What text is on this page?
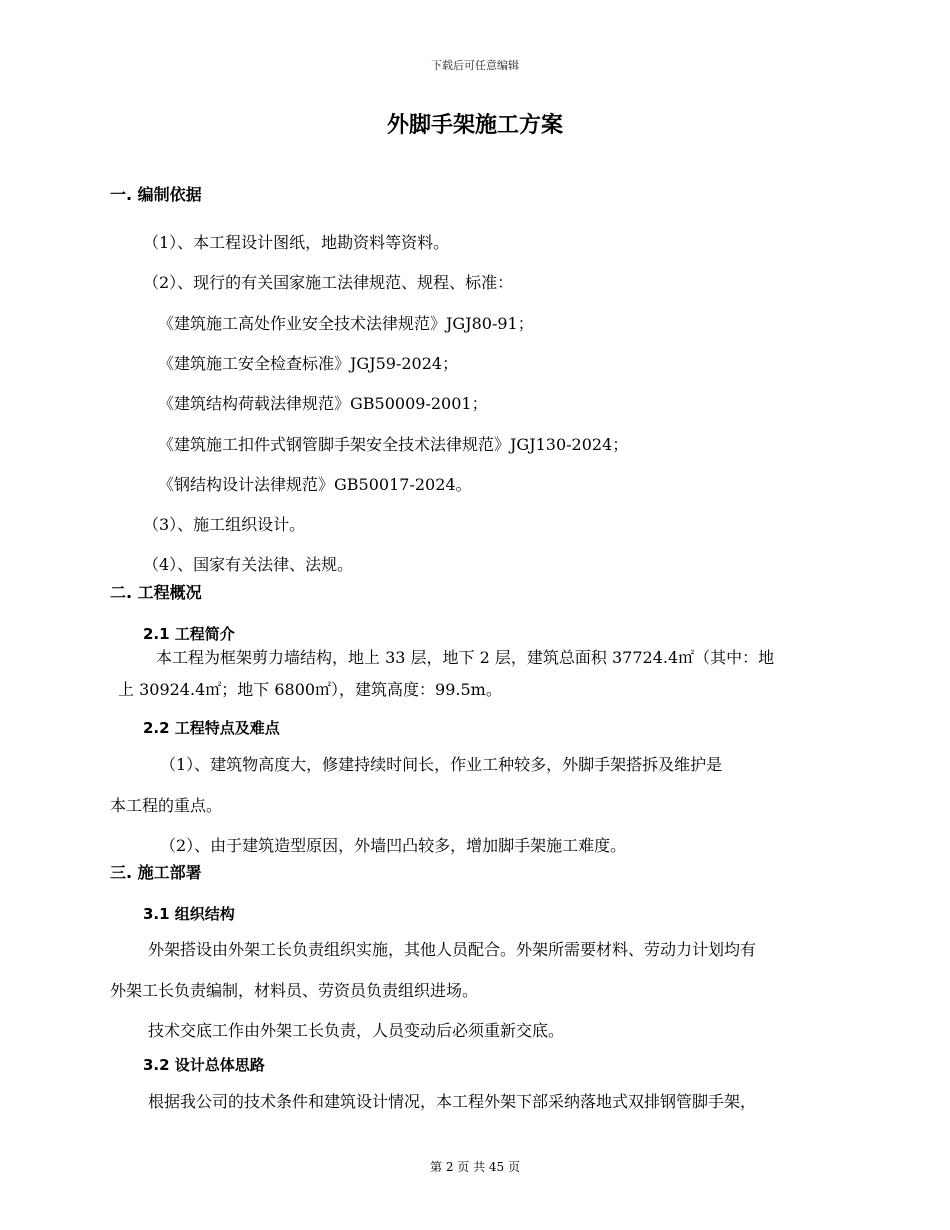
下载后可任意编辑
外脚手架施工方案
一. 编制依据
（1）、本工程设计图纸，地勘资料等资料。
（2）、现行的有关国家施工法律规范、规程、标准：
《建筑施工高处作业安全技术法律规范》JGJ80-91；
《建筑施工安全检查标准》JGJ59-2024；
《建筑结构荷载法律规范》GB50009-2001；
《建筑施工扣件式钢管脚手架安全技术法律规范》JGJ130-2024；
《钢结构设计法律规范》GB50017-2024。
（3）、施工组织设计。
（4）、国家有关法律、法规。
二. 工程概况
2.1 工程简介
本工程为框架剪力墙结构，地上 33 层，地下 2 层，建筑总面积 37724.4㎡（其中：地
上 30924.4㎡；地下 6800㎡），建筑高度：99.5m。
2.2 工程特点及难点
（1）、建筑物高度大，修建持续时间长，作业工种较多，外脚手架搭拆及维护是
本工程的重点。
（2）、由于建筑造型原因，外墙凹凸较多，增加脚手架施工难度。
三. 施工部署
3.1 组织结构
外架搭设由外架工长负责组织实施，其他人员配合。外架所需要材料、劳动力计划均有
外架工长负责编制，材料员、劳资员负责组织进场。
技术交底工作由外架工长负责，人员变动后必须重新交底。
3.2 设计总体思路
根据我公司的技术条件和建筑设计情况，本工程外架下部采纳落地式双排钢管脚手架，
第 2 页 共 45 页
